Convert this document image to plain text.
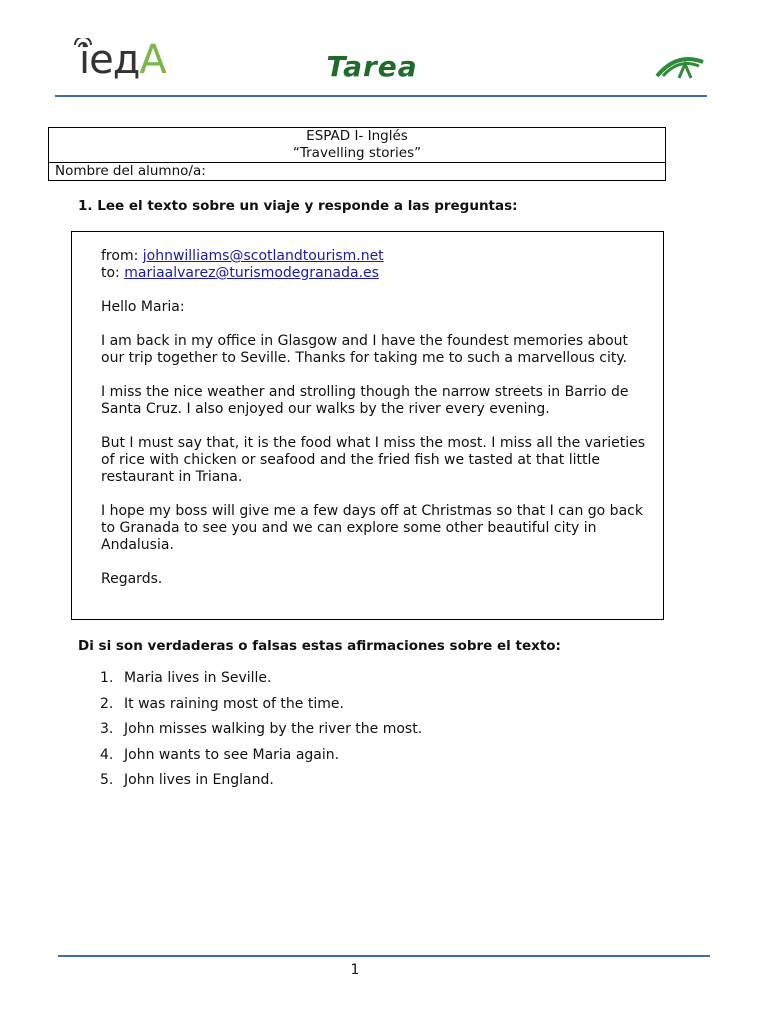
ieдA	Tarea
ESPAD I- Inglés
“Travelling stories”

Nombre del alumno/a:
1. Lee el texto sobre un viaje y responde a las preguntas:
from: johnwilliams@scotlandtourism.net
to: mariaalvarez@turismodegranada.es

Hello Maria:

I am back in my office in Glasgow and I have the foundest memories about our trip together to Seville. Thanks for taking me to such a marvellous city.

I miss the nice weather and strolling though the narrow streets in Barrio de Santa Cruz. I also enjoyed our walks by the river every evening.

But I must say that, it is the food what I miss the most. I miss all the varieties of rice with chicken or seafood and the fried fish we tasted at that little restaurant in Triana.

I hope my boss will give me a few days off at Christmas so that I can go back to Granada to see you and we can explore some other beautiful city in Andalusia.

Regards.

Di si son verdaderas o falsas estas afirmaciones sobre el texto:
1. Maria lives in Seville.
2. It was raining most of the time.
3. John misses walking by the river the most.
4. John wants to see Maria again.
5. John lives in England.
1
